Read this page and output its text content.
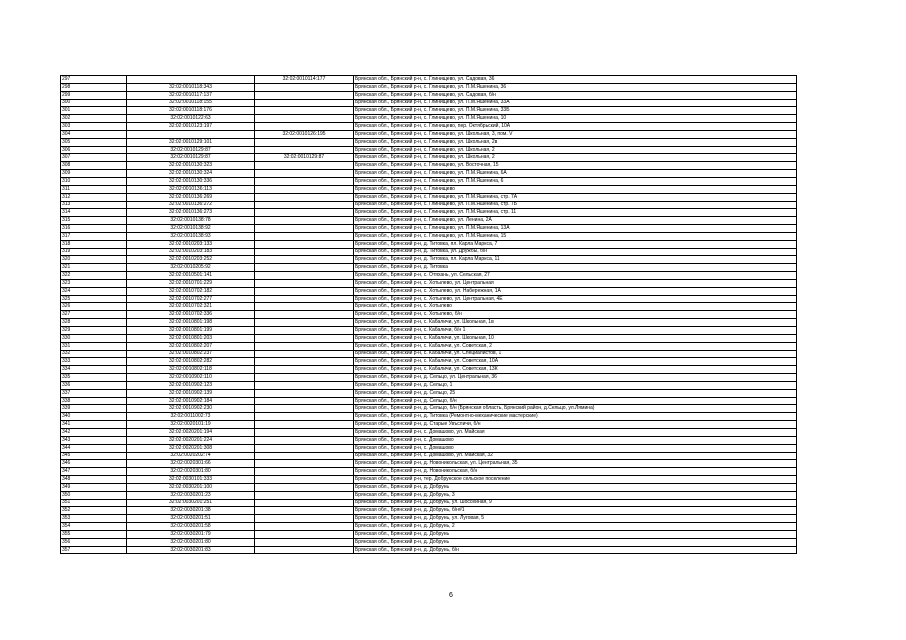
297		32:02:0010114:177	Брянская обл., Брянский р-н, с. Глинищево, ул. Садовая, 36
298	32:02:0010118:343		Брянская обл., Брянский р-н, с. Глинищево, ул. П.М.Яшенина, 36
299	32:02:0010117:137		Брянская обл., Брянский р-н, с. Глинищево, ул. Садовая, б/н
300	32:02:0010118:155		Брянская обл., Брянский р-н, с. Глинищево, ул. П.М.Яшенина, 33А
301	32:02:0010118:176		Брянская обл., Брянский р-н, с. Глинищево, ул. П.М.Яшенина, 33Б
302	32:02:0010122:63		Брянская обл., Брянский р-н, с. Глинищево, ул. П.М.Яшенина, 10
303	32:02:0010123:197		Брянская обл., Брянский р-н, с. Глинищево, пер. Октябрьский, 10А
304		32:02:0010126:195	Брянская обл., Брянский р-н, с. Глинищево, ул. Школьная, 3, пом. V
305	32:02:0010129:101		Брянская обл., Брянский р-н, с. Глинищево, ул. Школьная, 2в
306	32:02:0010129:87		Брянская обл., Брянский р-н, с. Глинищево, ул. Школьная, 2
307	32:02:0010129:87	32:02:0010129:87	Брянская обл., Брянский р-н, с. Глинищево, ул. Школьная, 2
308	32:02:0010130:323		Брянская обл., Брянский р-н, с. Глинищево, ул. Восточная, 15
309	32:02:0010130:324		Брянская обл., Брянский р-н, с. Глинищево, ул. П.М.Яшенина, 6А
310	32:02:0010130:336		Брянская обл., Брянский р-н, с. Глинищево, ул. П.М.Яшенина, 6
311	32:02:0010136:113		Брянская обл., Брянский р-н, с. Глинищево
312	32:02:0010136:269		Брянская обл., Брянский р-н, с. Глинищево, ул. П.М.Яшенина, стр. 7А
313	32:02:0010136:272		Брянская обл., Брянский р-н, с. Глинищево, ул. П.М.Яшенина, стр. 7Б
314	32:02:0010136:273		Брянская обл., Брянский р-н, с. Глинищево, ул. П.М.Яшенина, стр. 11
315	32:02:0010138:78		Брянская обл., Брянский р-н, с. Глинищево, ул. Ленина, 2А
316	32:02:0010138:92		Брянская обл., Брянский р-н, с. Глинищево, ул. П.М.Яшенина, 13А
317	32:02:0010138:93		Брянская обл., Брянский р-н, с. Глинищево, ул. П.М.Яшенина, 15
318	32:02:0010203:133		Брянская обл., Брянский р-н, д. Титовка, пл. Карла Маркса, 7
319	32:02:0010203:183		Брянская обл., Брянский р-н, д. Титовка, ул. Дружбы, б/н
320	32:02:0010203:252		Брянская обл., Брянский р-н, д. Титовка, пл. Карла Маркса, 11
321	32:02:0010205:92		Брянская обл., Брянский р-н, д. Титовка
322	32:02:0010501:141		Брянская обл., Брянский р-н, с. Отяхань, ул. Сельская, 27
323	32:02:0010701:229		Брянская обл., Брянский р-н, с. Хотылево, ул. Центральная
324	32:02:0010702:182		Брянская обл., Брянский р-н, с. Хотылево, ул. Набережная, 1А
325	32:02:0010702:277		Брянская обл., Брянский р-н, с. Хотылево, ул. Центральная, 4Е
326	32:02:0010702:321		Брянская обл., Брянский р-н, с. Хотылево
327	32:02:0010702:336		Брянская обл., Брянский р-н, с. Хотылево, б/н
328	32:02:0010801:198		Брянская обл., Брянский р-н, с. Кабаличи, ул. Школьная, 1в
329	32:02:0010801:199		Брянская обл., Брянский р-н, с. Кабаличи, б/н 1
330	32:02:0010801:203		Брянская обл., Брянский р-н, с. Кабаличи, ул. Школьная, 10
331	32:02:0010802:207		Брянская обл., Брянский р-н, с. Кабаличи, ул. Советская, 2
332	32:02:0010802:237		Брянская обл., Брянский р-н, с. Кабаличи, ул. Специалистов, 1
333	32:02:0010802:282		Брянская обл., Брянский р-н, с. Кабаличи, ул. Советская, 10А
334	32:02:0010802:118		Брянская обл., Брянский р-н, с. Кабаличи, ул. Советская, 13К
335	32:02:0010902:110		Брянская обл., Брянский р-н, д. Сельцо, ул. Центральная, 36
336	32:02:0010902:123		Брянская обл., Брянский р-н, д. Сельцо, 1
337	32:02:0010902:139		Брянская обл., Брянский р-н, д. Сельцо, 25
338	32:02:0010902:184		Брянская обл., Брянский р-н, д. Сельцо, б/н
339	32:02:0010902:230		Брянская обл., Брянский р-н, д. Сельцо, б/н (Брянская область, Брянский район, д.Сельцо, ул.Лямина)
340	32:02:0011002:73		Брянская обл., Брянский р-н, д. Титовка (Ремонтно-механические мастерские)
341	32:02:0020101:19		Брянская обл., Брянский р-н, д. Старые Увъсличи, б/н
342	32:02:0020201:194		Брянская обл., Брянский р-н, с. Домашово, ул. Майская
343	32:02:0020201:224		Брянская обл., Брянский р-н, с. Домашово
344	32:02:0020201:308		Брянская обл., Брянский р-н, с. Домашово
345	32:02:0020202:74		Брянская обл., Брянский р-н, с. Домашово, ул. Майская, 32
346	32:02:0020301:66		Брянская обл., Брянский р-н, д. Новоникольская, ул. Центральная, 35
347	32:02:0020301:80		Брянская обл., Брянский р-н, д. Новоникольская, б/н
348	32:02:0030101:333		Брянская обл., Брянский р-н, тер. Добрунское сельское поселение
349	32:02:0030201:100		Брянская обл., Брянский р-н, д. Добрунь
350	32:02:0030201:23		Брянская обл., Брянский р-н, д. Добрунь, 3
351	32:02:0030201:251		Брянская обл., Брянский р-н, д. Добрунь, ул. Шоссейная, 9
352	32:02:0030201:38		Брянская обл., Брянский р-н, д. Добрунь, б/н#1
353	32:02:0030201:51		Брянская обл., Брянский р-н, д. Добрунь, ул. Луговая, 5
354	32:02:0030201:58		Брянская обл., Брянский р-н, д. Добрунь, 2
355	32:02:0030201:79		Брянская обл., Брянский р-н, д. Добрунь
356	32:02:0030201:80		Брянская обл., Брянский р-н, д. Добрунь
357	32:02:0030201:83		Брянская обл., Брянский р-н, д. Добрунь, б/н
6
